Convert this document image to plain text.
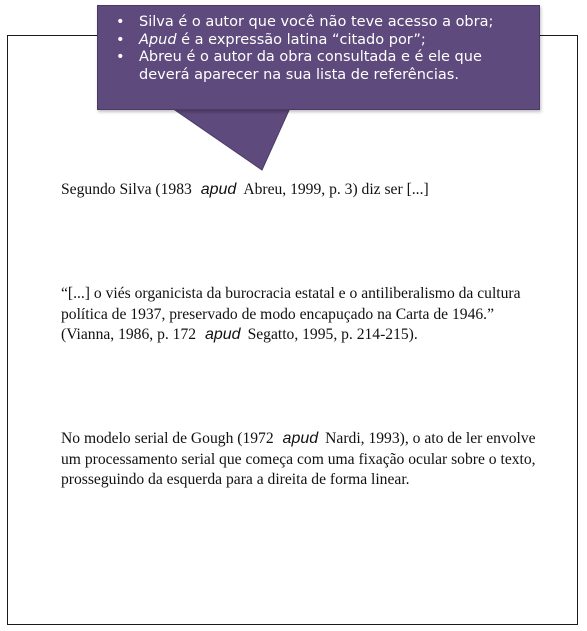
• Silva é o autor que você não teve acesso a obra;
• Apud é a expressão latina “citado por”;
• Abreu é o autor da obra consultada e é ele que deverá aparecer na sua lista de referências.

Segundo Silva (1983 apud Abreu, 1999, p. 3) diz ser [...]

“[...] o viés organicista da burocracia estatal e o antiliberalismo da cultura política de 1937, preservado de modo encapuçado na Carta de 1946.” (Vianna, 1986, p. 172 apud Segatto, 1995, p. 214-215).

No modelo serial de Gough (1972 apud Nardi, 1993), o ato de ler envolve um processamento serial que começa com uma fixação ocular sobre o texto, prosseguindo da esquerda para a direita de forma linear.
